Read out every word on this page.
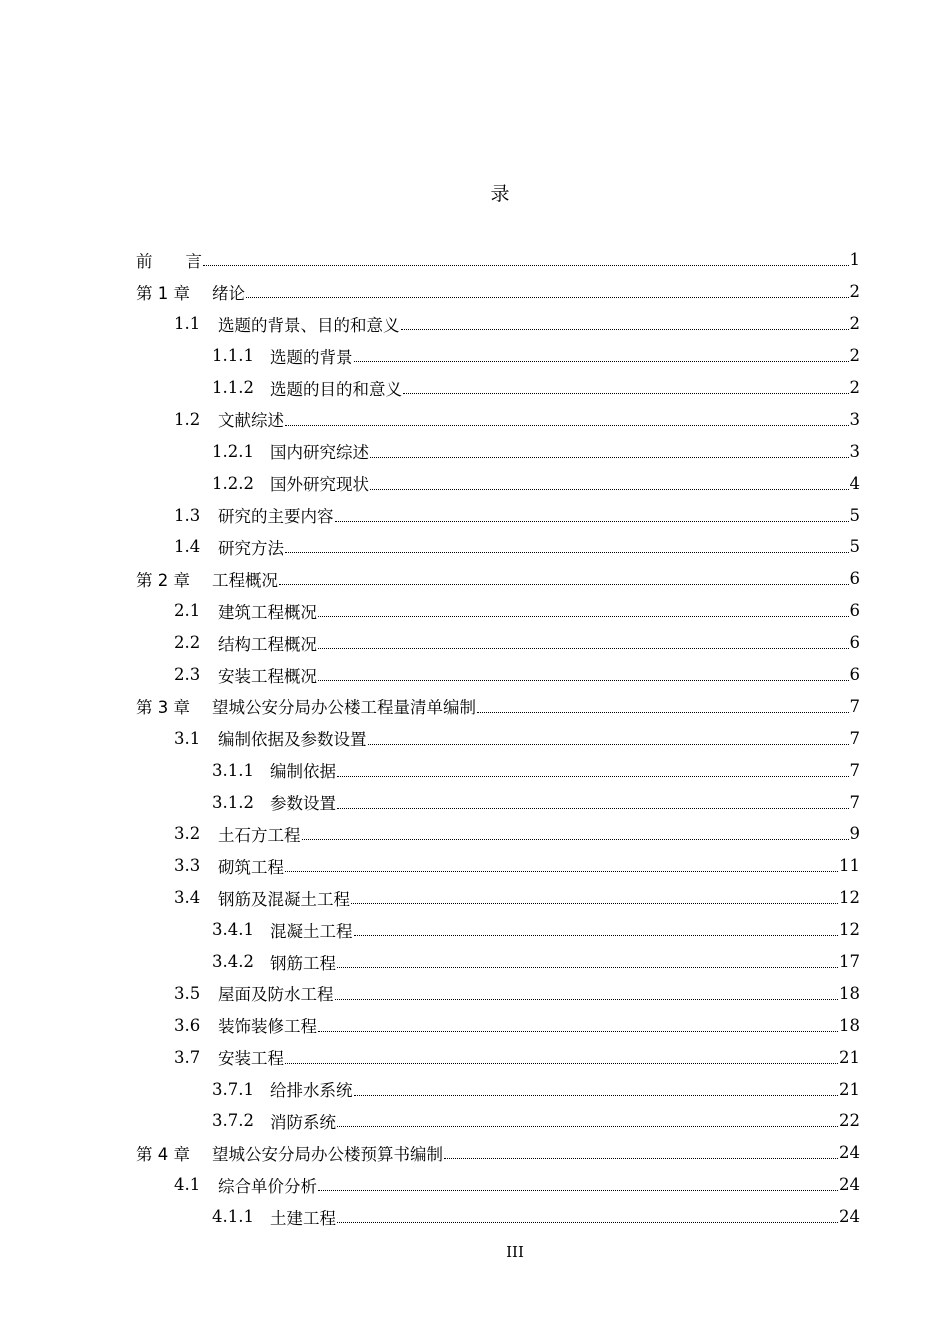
录
前　　言	1
第 1 章	绪论	2
1.1	选题的背景、目的和意义	2
1.1.1 选题的背景	2
1.1.2 选题的目的和意义	2
1.2	文献综述	3
1.2.1 国内研究综述	3
1.2.2 国外研究现状	4
1.3	研究的主要内容	5
1.4	研究方法	5
第 2 章	工程概况	6
2.1	建筑工程概况	6
2.2	结构工程概况	6
2.3	安装工程概况	6
第 3 章	望城公安分局办公楼工程量清单编制	7
3.1	编制依据及参数设置	7
3.1.1 编制依据	7
3.1.2 参数设置	7
3.2	土石方工程	9
3.3	砌筑工程	11
3.4	钢筋及混凝土工程	12
3.4.1 混凝土工程	12
3.4.2 钢筋工程	17
3.5	屋面及防水工程	18
3.6	装饰装修工程	18
3.7	安装工程	21
3.7.1 给排水系统	21
3.7.2 消防系统	22
第 4 章	望城公安分局办公楼预算书编制	24
4.1	综合单价分析	24
4.1.1 土建工程	24
III
